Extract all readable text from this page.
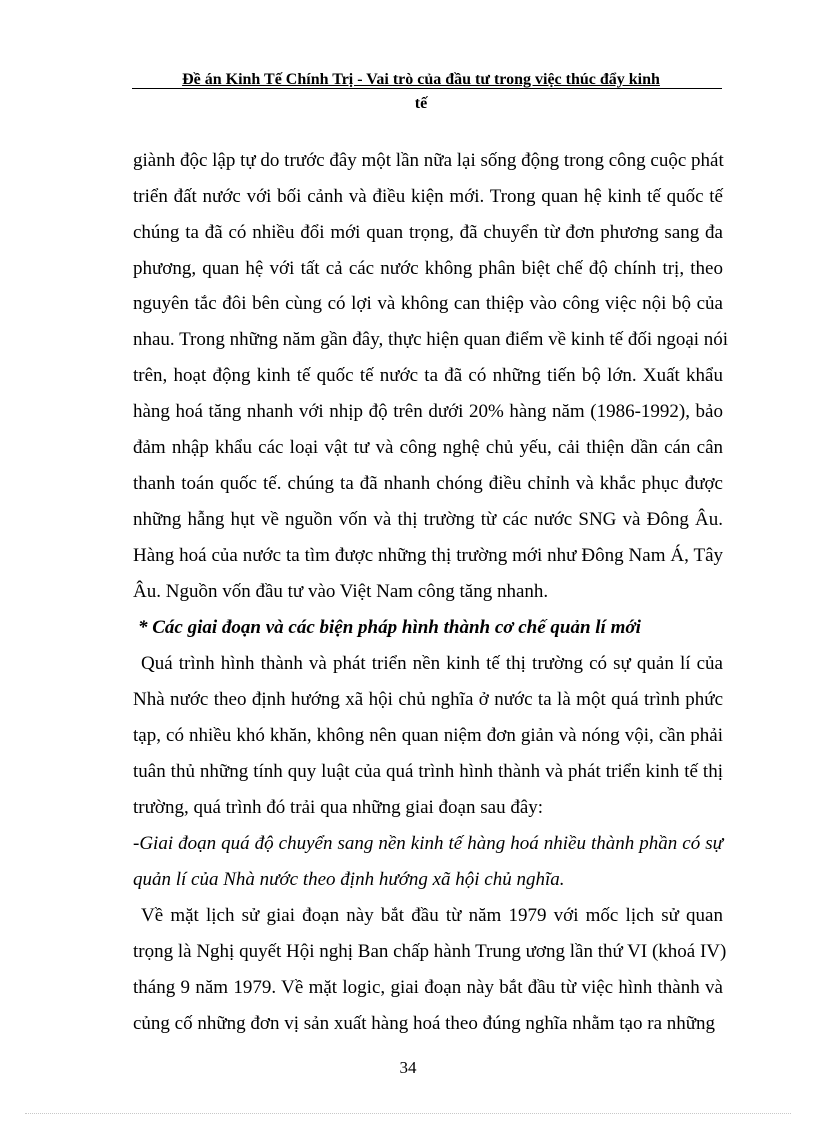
Đề án Kinh Tế Chính Trị - Vai trò của đầu tư trong việc thúc đẩy kinh
tế
giành độc lập tự do trước đây một lần nữa lại sống động trong công cuộc phát
triển đất nước với bối cảnh và điều kiện mới. Trong quan hệ kinh tế quốc tế
chúng ta đã có nhiều đổi mới quan trọng, đã chuyển từ đơn phương sang đa
phương, quan hệ với tất cả các nước không phân biệt chế độ chính trị, theo
nguyên tắc đôi bên cùng có lợi và không can thiệp vào công việc nội bộ của
nhau. Trong những năm gần đây, thực hiện quan điểm về kinh tế đối ngoại nói
trên, hoạt động kinh tế quốc tế nước ta đã có những tiến bộ lớn. Xuất khẩu
hàng hoá tăng nhanh với nhịp độ trên dưới 20% hàng năm (1986-1992), bảo
đảm nhập khẩu các loại vật tư và công nghệ chủ yếu, cải thiện dần cán cân
thanh toán quốc tế. chúng ta đã nhanh chóng điều chỉnh và khắc phục được
những hẫng hụt về nguồn vốn và thị trường từ các nước SNG và Đông Âu.
Hàng hoá của nước ta tìm được những thị trường mới như Đông Nam Á, Tây
Âu. Nguồn vốn đầu tư vào Việt Nam công tăng nhanh.
* Các giai đoạn và các biện pháp hình thành cơ chế quản lí mới
Quá trình hình thành và phát triển nền kinh tế thị trường có sự quản lí của
Nhà nước theo định hướng xã hội chủ nghĩa ở nước ta là một quá trình phức
tạp, có nhiều khó khăn, không nên quan niệm đơn giản và nóng vội, cần phải
tuân thủ những tính quy luật của quá trình hình thành và phát triển kinh tế thị
trường, quá trình đó trải qua những giai đoạn sau đây:
-Giai đoạn quá độ chuyển sang nền kinh tế hàng hoá nhiều thành phần có sự
quản lí của Nhà nước theo định hướng xã hội chủ nghĩa.
Về mặt lịch sử giai đoạn này bắt đầu từ năm 1979 với mốc lịch sử quan
trọng là Nghị quyết Hội nghị Ban chấp hành Trung ương lần thứ VI (khoá IV)
tháng 9 năm 1979. Về mặt logic, giai đoạn này bắt đầu từ việc hình thành và
củng cố những đơn vị sản xuất hàng hoá theo đúng nghĩa nhằm tạo ra những
34
